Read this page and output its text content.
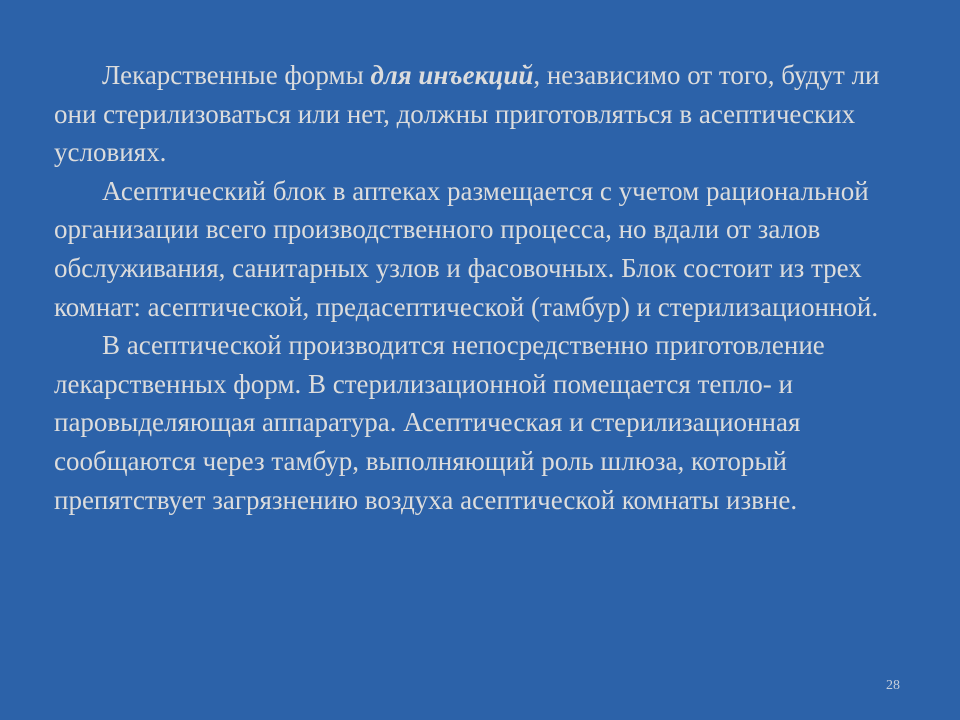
Лекарственные формы для инъекций, независимо от того, будут ли они стерилизоваться или нет, должны приготовляться в асептических условиях.

Асептический блок в аптеках размещается с учетом рациональной организации всего производственного процесса, но вдали от залов обслуживания, санитарных узлов и фасовочных. Блок состоит из трех комнат: асептической, предасептической (тамбур) и стерилизационной.

В асептической производится непосредственно приготовление лекарственных форм. В стерилизационной помещается тепло- и паровыделяющая аппаратура. Асептическая и стерилизационная сообщаются через тамбур, выполняющий роль шлюза, который препятствует загрязнению воздуха асептической комнаты извне.

28
